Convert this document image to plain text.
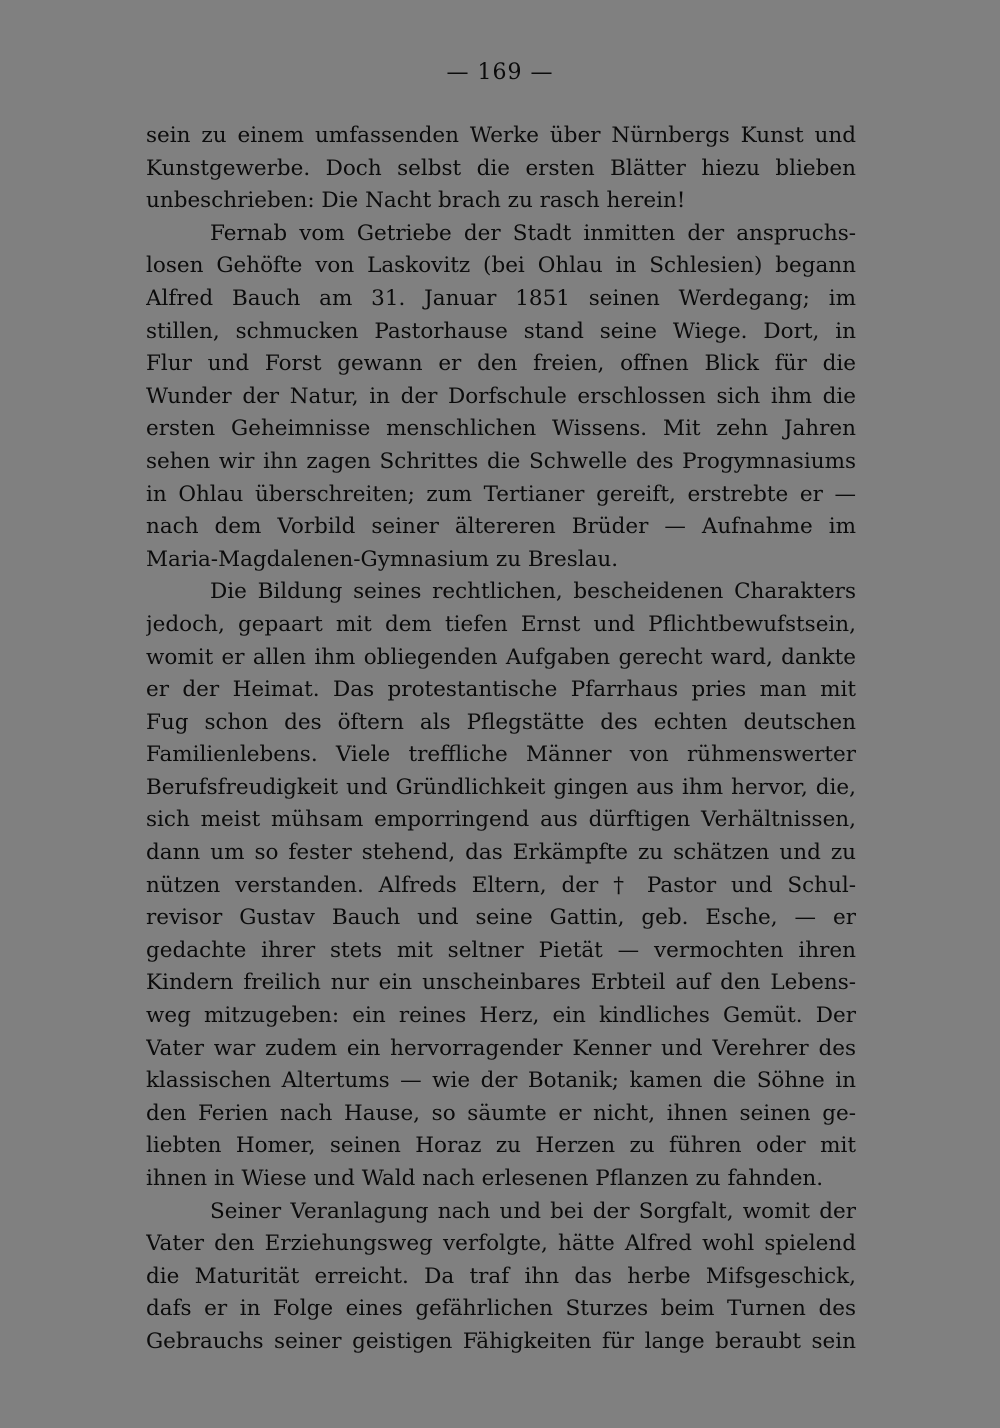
— 169 —
sein zu einem umfassenden Werke über Nürnbergs Kunst und
Kunstgewerbe. Doch selbst die ersten Blätter hiezu blieben
unbeschrieben: Die Nacht brach zu rasch herein!
Fernab vom Getriebe der Stadt inmitten der anspruchs-
losen Gehöfte von Laskovitz (bei Ohlau in Schlesien) begann
Alfred Bauch am 31. Januar 1851 seinen Werdegang; im
stillen, schmucken Pastorhause stand seine Wiege. Dort, in
Flur und Forst gewann er den freien, offnen Blick für die
Wunder der Natur, in der Dorfschule erschlossen sich ihm die
ersten Geheimnisse menschlichen Wissens. Mit zehn Jahren
sehen wir ihn zagen Schrittes die Schwelle des Progymnasiums
in Ohlau überschreiten; zum Tertianer gereift, erstrebte er —
nach dem Vorbild seiner ältereren Brüder — Aufnahme im
Maria-Magdalenen-Gymnasium zu Breslau.
Die Bildung seines rechtlichen, bescheidenen Charakters
jedoch, gepaart mit dem tiefen Ernst und Pflichtbewufstsein,
womit er allen ihm obliegenden Aufgaben gerecht ward, dankte
er der Heimat. Das protestantische Pfarrhaus pries man mit
Fug schon des öftern als Pflegstätte des echten deutschen
Familienlebens. Viele treffliche Männer von rühmenswerter
Berufsfreudigkeit und Gründlichkeit gingen aus ihm hervor, die,
sich meist mühsam emporringend aus dürftigen Verhältnissen,
dann um so fester stehend, das Erkämpfte zu schätzen und zu
nützen verstanden. Alfreds Eltern, der † Pastor und Schul-
revisor Gustav Bauch und seine Gattin, geb. Esche, — er
gedachte ihrer stets mit seltner Pietät — vermochten ihren
Kindern freilich nur ein unscheinbares Erbteil auf den Lebens-
weg mitzugeben: ein reines Herz, ein kindliches Gemüt. Der
Vater war zudem ein hervorragender Kenner und Verehrer des
klassischen Altertums — wie der Botanik; kamen die Söhne in
den Ferien nach Hause, so säumte er nicht, ihnen seinen ge-
liebten Homer, seinen Horaz zu Herzen zu führen oder mit
ihnen in Wiese und Wald nach erlesenen Pflanzen zu fahnden.
Seiner Veranlagung nach und bei der Sorgfalt, womit der
Vater den Erziehungsweg verfolgte, hätte Alfred wohl spielend
die Maturität erreicht. Da traf ihn das herbe Mifsgeschick,
dafs er in Folge eines gefährlichen Sturzes beim Turnen des
Gebrauchs seiner geistigen Fähigkeiten für lange beraubt sein
